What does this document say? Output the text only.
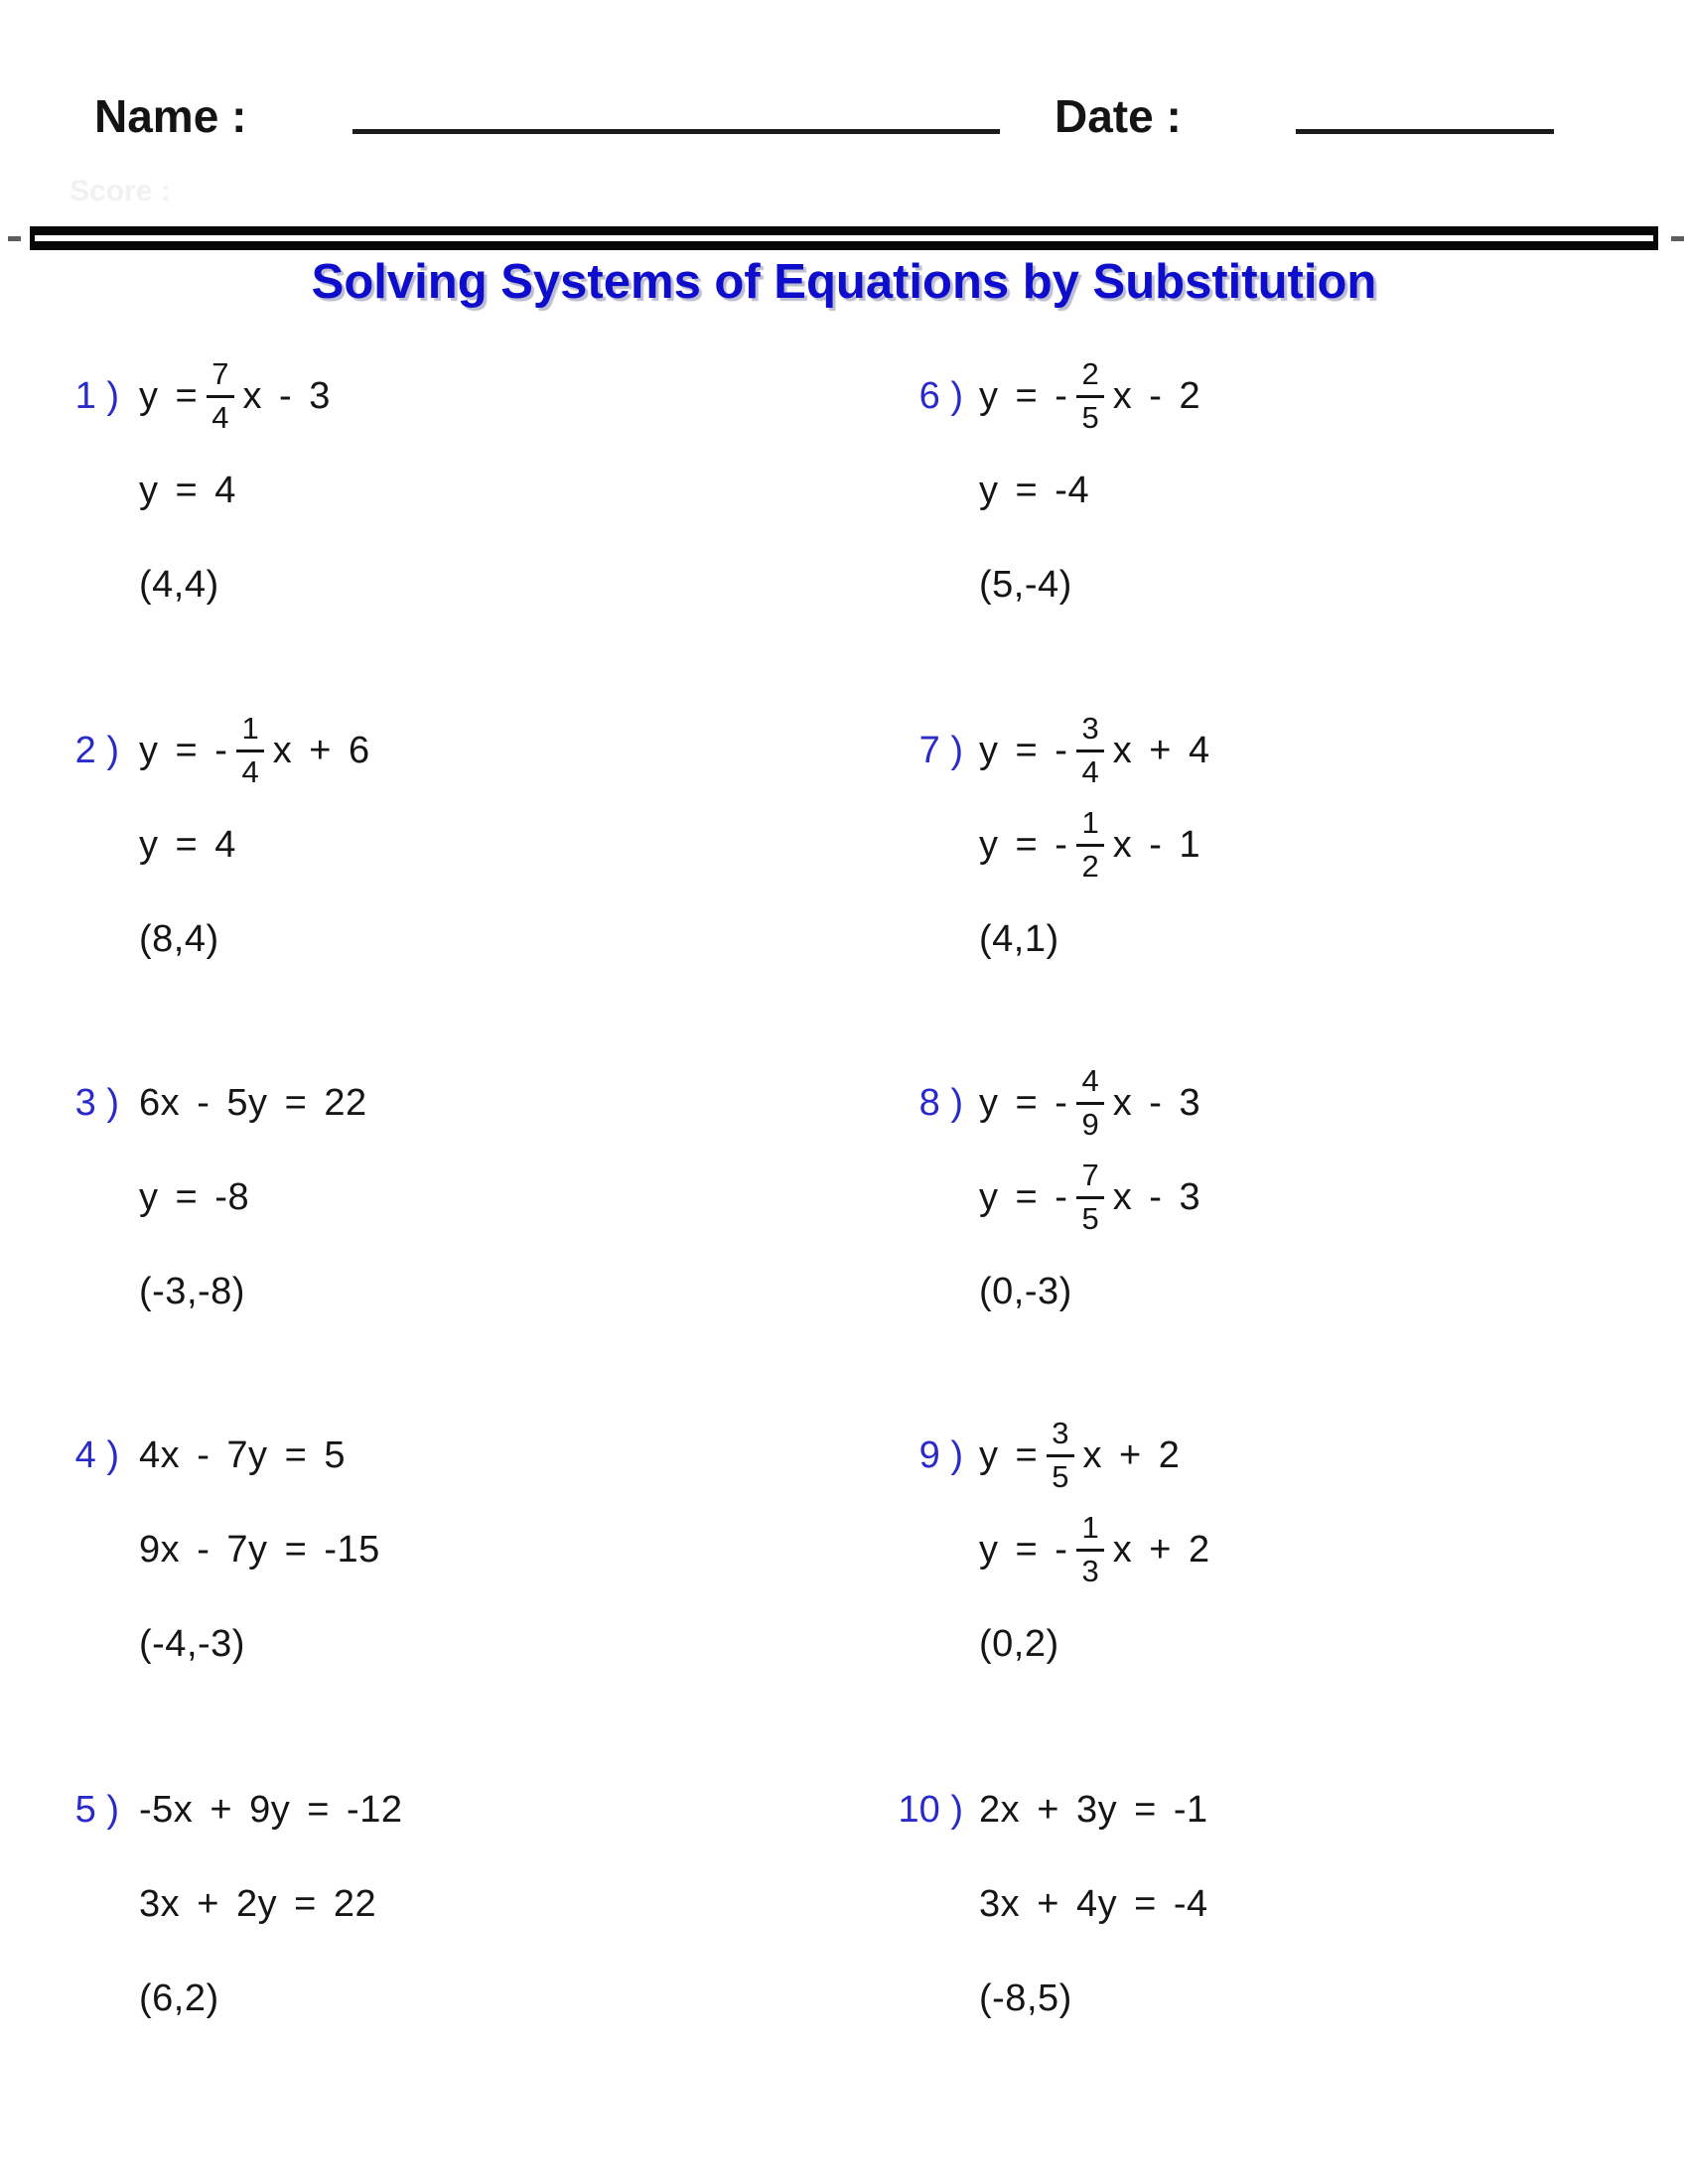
Name :	Date :
Score :
Solving Systems of Equations by Substitution
1 ) $y = \frac{7}{4}$ x - 3
y = 4
(4,4)
2 ) y = - $\frac{1}{4}$ x + 6
y = 4
(8,4)
3 ) 6x - 5y = 22
y = -8
(-3,-8)
4 ) 4x - 7y = 5
9x - 7y = -15
(-4,-3)
5 ) -5x + 9y = -12
3x + 2y = 22
(6,2)
6 ) y = - $\frac{2}{5}$ x - 2
y = -4
(5,-4)
7 ) y = - $\frac{3}{4}$ x + 4
y = - $\frac{1}{2}$ x - 1
(4,1)
8 ) y = - $\frac{4}{9}$ x - 3
y = - $\frac{7}{5}$ x - 3
(0,-3)
9 ) $y = \frac{3}{5}$ x + 2
y = - $\frac{1}{3}$ x + 2
(0,2)
10 ) 2x + 3y = -1
3x + 4y = -4
(-8,5)
